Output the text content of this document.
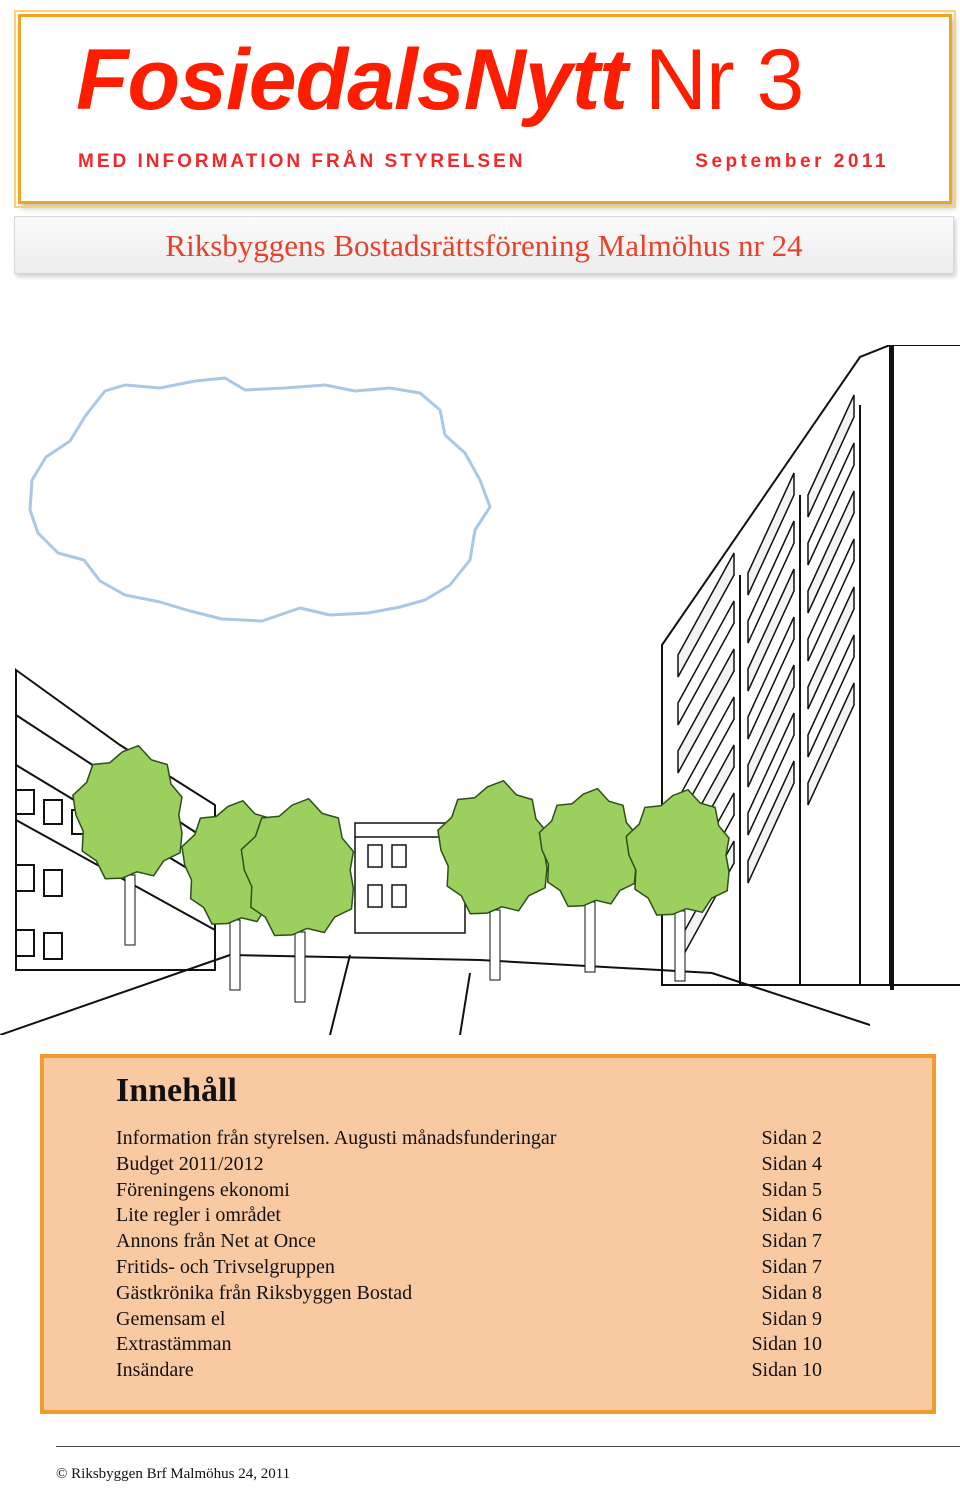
FosiedalsNytt Nr 3
MED INFORMATION FRÅN STYRELSEN	September 2011
Riksbyggens Bostadsrättsförening Malmöhus nr 24
Innehåll
Information från styrelsen. Augusti månadsfunderingar	Sidan 2
Budget 2011/2012	Sidan 4
Föreningens ekonomi	Sidan 5
Lite regler i området	Sidan 6
Annons från Net at Once	Sidan 7
Fritids- och Trivselgruppen	Sidan 7
Gästkrönika från Riksbyggen Bostad	Sidan 8
Gemensam el	Sidan 9
Extrastämman	Sidan 10
Insändare	Sidan 10
© Riksbyggen Brf Malmöhus 24, 2011
